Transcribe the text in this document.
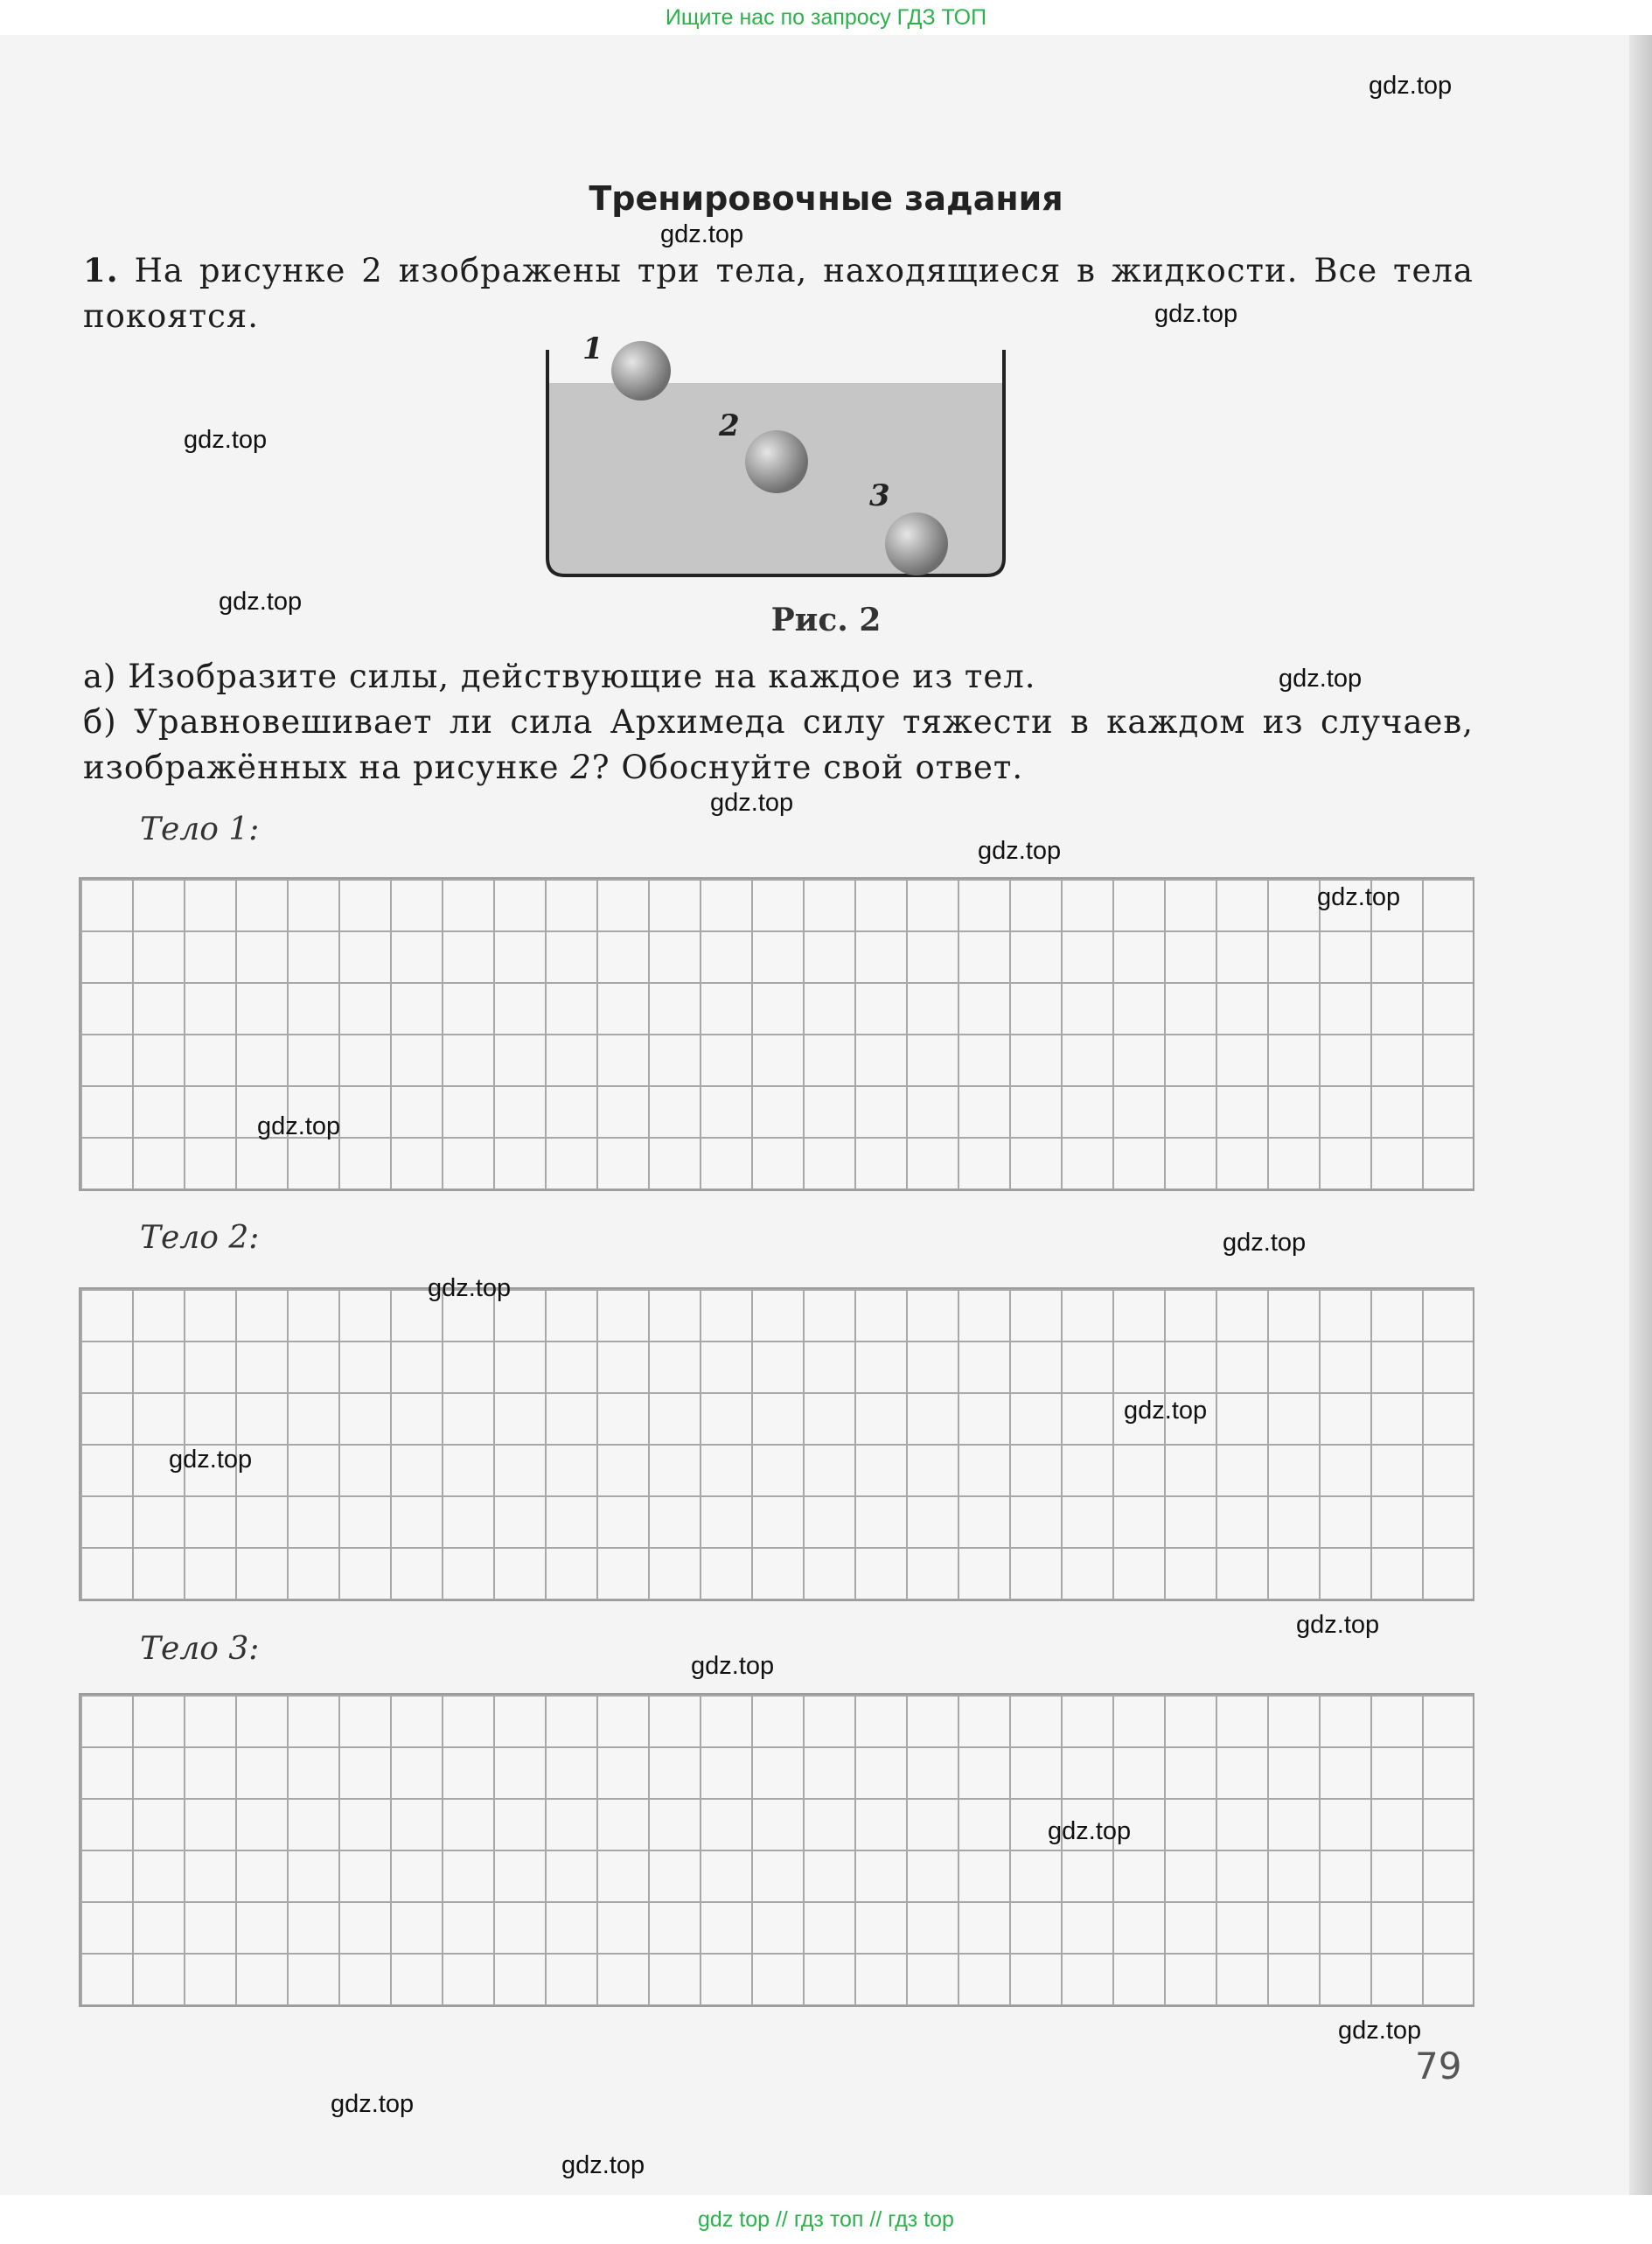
Ищите нас по запросу ГДЗ ТОП
Тренировочные задания
1. На рисунке 2 изображены три тела, находящиеся в жидкости. Все тела покоятся.
1
2
3
Рис. 2
а) Изобразите силы, действующие на каждое из тел.
б) Уравновешивает ли сила Архимеда силу тяжести в каждом из случаев, изображённых на рисунке 2? Обоснуйте свой ответ.
Тело 1:
Тело 2:
Тело 3:
79
gdz.top
gdz.top
gdz.top
gdz.top
gdz.top
gdz.top
gdz.top
gdz.top
gdz.top
gdz.top
gdz.top
gdz.top
gdz.top
gdz.top
gdz.top
gdz.top
gdz.top
gdz.top
gdz.top
gdz.top
gdz top // гдз топ // гдз top
